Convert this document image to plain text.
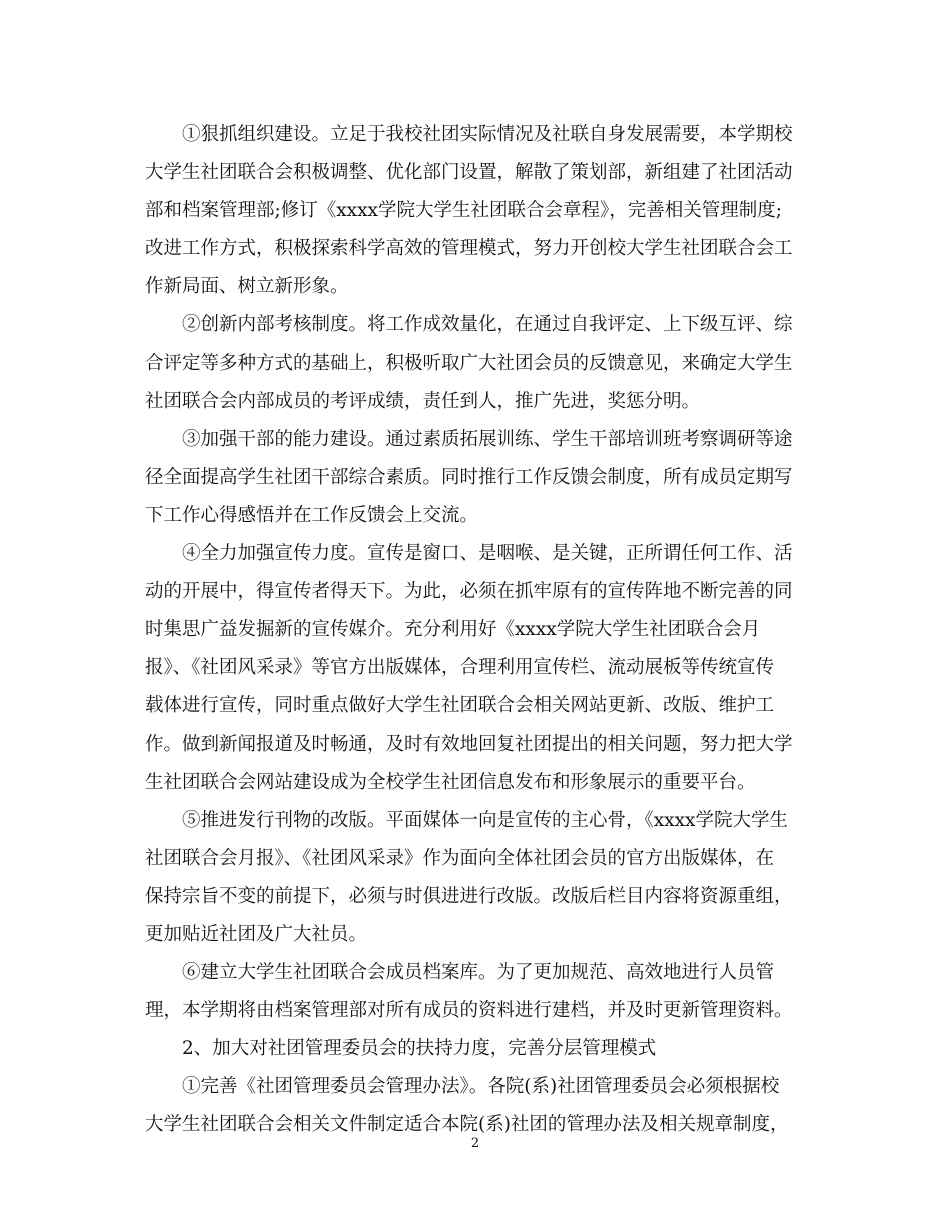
①狠抓组织建设。立足于我校社团实际情况及社联自身发展需要，本学期校
大学生社团联合会积极调整、优化部门设置，解散了策划部，新组建了社团活动
部和档案管理部;修订《xxxx学院大学生社团联合会章程》，完善相关管理制度;
改进工作方式，积极探索科学高效的管理模式，努力开创校大学生社团联合会工
作新局面、树立新形象。
②创新内部考核制度。将工作成效量化，在通过自我评定、上下级互评、综
合评定等多种方式的基础上，积极听取广大社团会员的反馈意见，来确定大学生
社团联合会内部成员的考评成绩，责任到人，推广先进，奖惩分明。
③加强干部的能力建设。通过素质拓展训练、学生干部培训班考察调研等途
径全面提高学生社团干部综合素质。同时推行工作反馈会制度，所有成员定期写
下工作心得感悟并在工作反馈会上交流。
④全力加强宣传力度。宣传是窗口、是咽喉、是关键，正所谓任何工作、活
动的开展中，得宣传者得天下。为此，必须在抓牢原有的宣传阵地不断完善的同
时集思广益发掘新的宣传媒介。充分利用好《xxxx学院大学生社团联合会月
报》、《社团风采录》等官方出版媒体，合理利用宣传栏、流动展板等传统宣传
载体进行宣传，同时重点做好大学生社团联合会相关网站更新、改版、维护工
作。做到新闻报道及时畅通，及时有效地回复社团提出的相关问题，努力把大学
生社团联合会网站建设成为全校学生社团信息发布和形象展示的重要平台。
⑤推进发行刊物的改版。平面媒体一向是宣传的主心骨，《xxxx学院大学生
社团联合会月报》、《社团风采录》作为面向全体社团会员的官方出版媒体，在
保持宗旨不变的前提下，必须与时俱进进行改版。改版后栏目内容将资源重组，
更加贴近社团及广大社员。
⑥建立大学生社团联合会成员档案库。为了更加规范、高效地进行人员管
理，本学期将由档案管理部对所有成员的资料进行建档，并及时更新管理资料。
2、加大对社团管理委员会的扶持力度，完善分层管理模式
①完善《社团管理委员会管理办法》。各院(系)社团管理委员会必须根据校
大学生社团联合会相关文件制定适合本院(系)社团的管理办法及相关规章制度，
2
